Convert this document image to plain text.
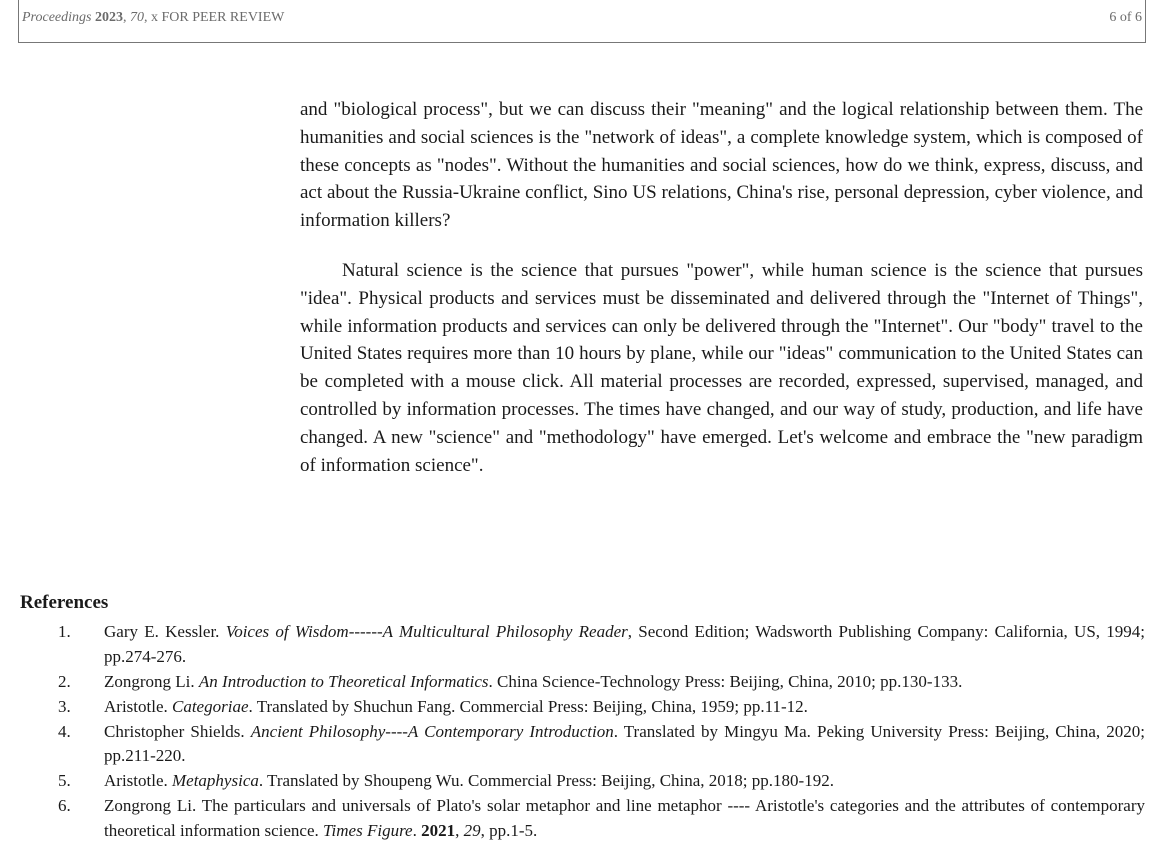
Proceedings 2023, 70, x FOR PEER REVIEW	6 of 6

and "biological process", but we can discuss their "meaning" and the logical relationship between them. The humanities and social sciences is the "network of ideas", a complete knowledge system, which is composed of these concepts as "nodes". Without the humanities and social sciences, how do we think, express, discuss, and act about the Russia-Ukraine conflict, Sino US relations, China's rise, personal depression, cyber violence, and information killers?

Natural science is the science that pursues "power", while human science is the science that pursues "idea". Physical products and services must be disseminated and delivered through the "Internet of Things", while information products and services can only be delivered through the "Internet". Our "body" travel to the United States requires more than 10 hours by plane, while our "ideas" communication to the United States can be completed with a mouse click. All material processes are recorded, expressed, supervised, managed, and controlled by information processes. The times have changed, and our way of study, production, and life have changed. A new "science" and "methodology" have emerged. Let's welcome and embrace the "new paradigm of information science".

References
1. Gary E. Kessler. Voices of Wisdom------A Multicultural Philosophy Reader, Second Edition; Wadsworth Publishing Company: California, US, 1994; pp.274-276.
2. Zongrong Li. An Introduction to Theoretical Informatics. China Science-Technology Press: Beijing, China, 2010; pp.130-133.
3. Aristotle. Categoriae. Translated by Shuchun Fang. Commercial Press: Beijing, China, 1959; pp.11-12.
4. Christopher Shields. Ancient Philosophy----A Contemporary Introduction. Translated by Mingyu Ma. Peking University Press: Beijing, China, 2020; pp.211-220.
5. Aristotle. Metaphysica. Translated by Shoupeng Wu. Commercial Press: Beijing, China, 2018; pp.180-192.
6. Zongrong Li. The particulars and universals of Plato's solar metaphor and line metaphor ---- Aristotle's categories and the attributes of contemporary theoretical information science. Times Figure. 2021, 29, pp.1-5.
